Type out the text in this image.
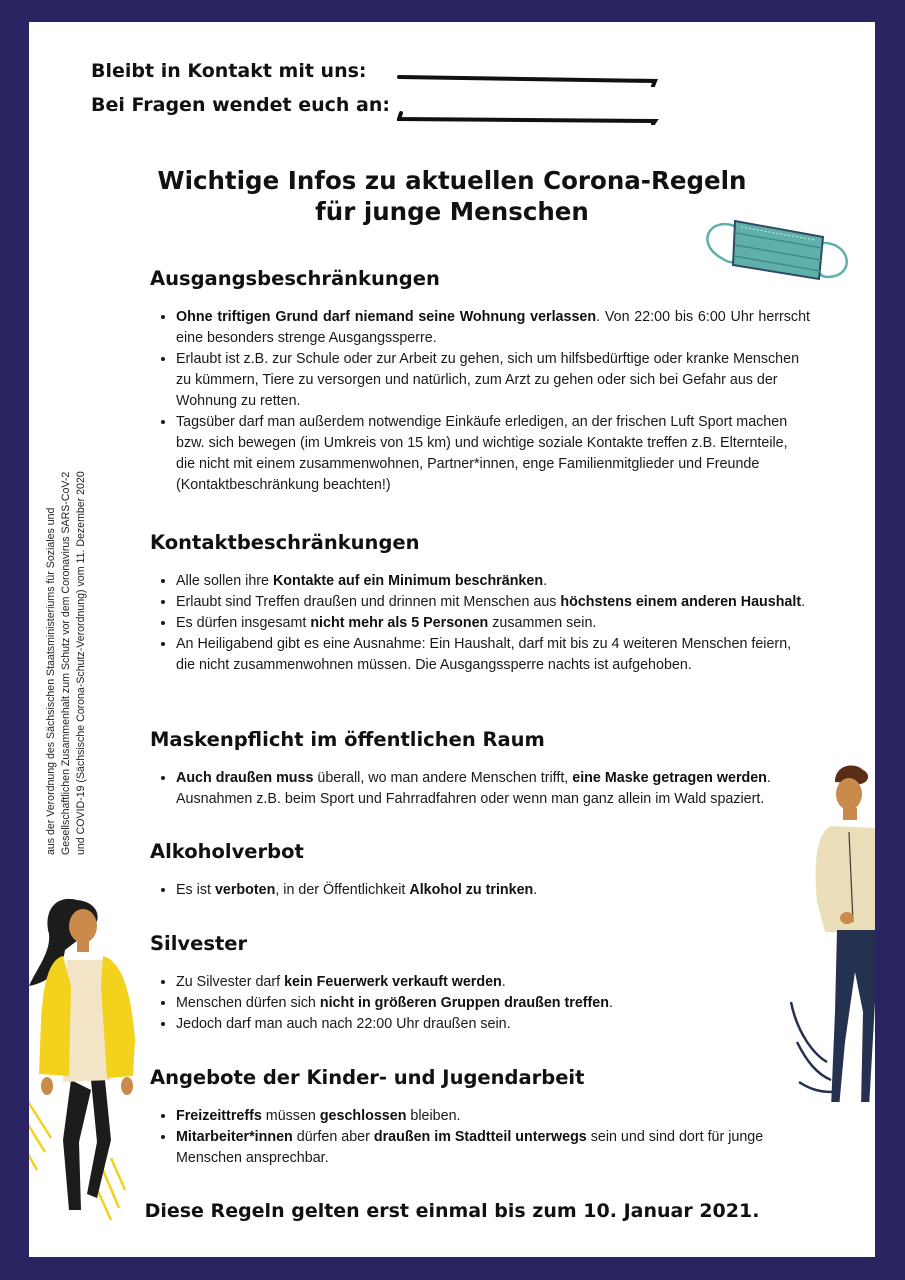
Bleibt in Kontakt mit uns:
Bei Fragen wendet euch an:
Wichtige Infos zu aktuellen Corona-Regeln
für junge Menschen
aus der Verordnung des Sächsischen Staatsministeriums für Soziales und Gesellschaftlichen Zusammenhalt zum Schutz vor dem Coronavirus SARS-CoV-2 und COVID-19 (Sächsische Corona-Schutz-Verordnung) vom 11. Dezember 2020
Ausgangsbeschränkungen
• Ohne triftigen Grund darf niemand seine Wohnung verlassen. Von 22:00 bis 6:00 Uhr herrscht eine besonders strenge Ausgangssperre.
• Erlaubt ist z.B. zur Schule oder zur Arbeit zu gehen, sich um hilfsbedürftige oder kranke Menschen zu kümmern, Tiere zu versorgen und natürlich, zum Arzt zu gehen oder sich bei Gefahr aus der Wohnung zu retten.
• Tagsüber darf man außerdem notwendige Einkäufe erledigen, an der frischen Luft Sport machen bzw. sich bewegen (im Umkreis von 15 km) und wichtige soziale Kontakte treffen z.B. Elternteile, die nicht mit einem zusammenwohnen, Partner*innen, enge Familienmitglieder und Freunde (Kontaktbeschränkung beachten!)
Kontaktbeschränkungen
• Alle sollen ihre Kontakte auf ein Minimum beschränken.
• Erlaubt sind Treffen draußen und drinnen mit Menschen aus höchstens einem anderen Haushalt.
• Es dürfen insgesamt nicht mehr als 5 Personen zusammen sein.
• An Heiligabend gibt es eine Ausnahme: Ein Haushalt, darf mit bis zu 4 weiteren Menschen feiern, die nicht zusammenwohnen müssen. Die Ausgangssperre nachts ist aufgehoben.
Maskenpflicht im öffentlichen Raum
• Auch draußen muss überall, wo man andere Menschen trifft, eine Maske getragen werden. Ausnahmen z.B. beim Sport und Fahrradfahren oder wenn man ganz allein im Wald spaziert.
Alkoholverbot
• Es ist verboten, in der Öffentlichkeit Alkohol zu trinken.
Silvester
• Zu Silvester darf kein Feuerwerk verkauft werden.
• Menschen dürfen sich nicht in größeren Gruppen draußen treffen.
• Jedoch darf man auch nach 22:00 Uhr draußen sein.
Angebote der Kinder- und Jugendarbeit
• Freizeittreffs müssen geschlossen bleiben.
• Mitarbeiter*innen dürfen aber draußen im Stadtteil unterwegs sein und sind dort für junge Menschen ansprechbar.
Diese Regeln gelten erst einmal bis zum 10. Januar 2021.
